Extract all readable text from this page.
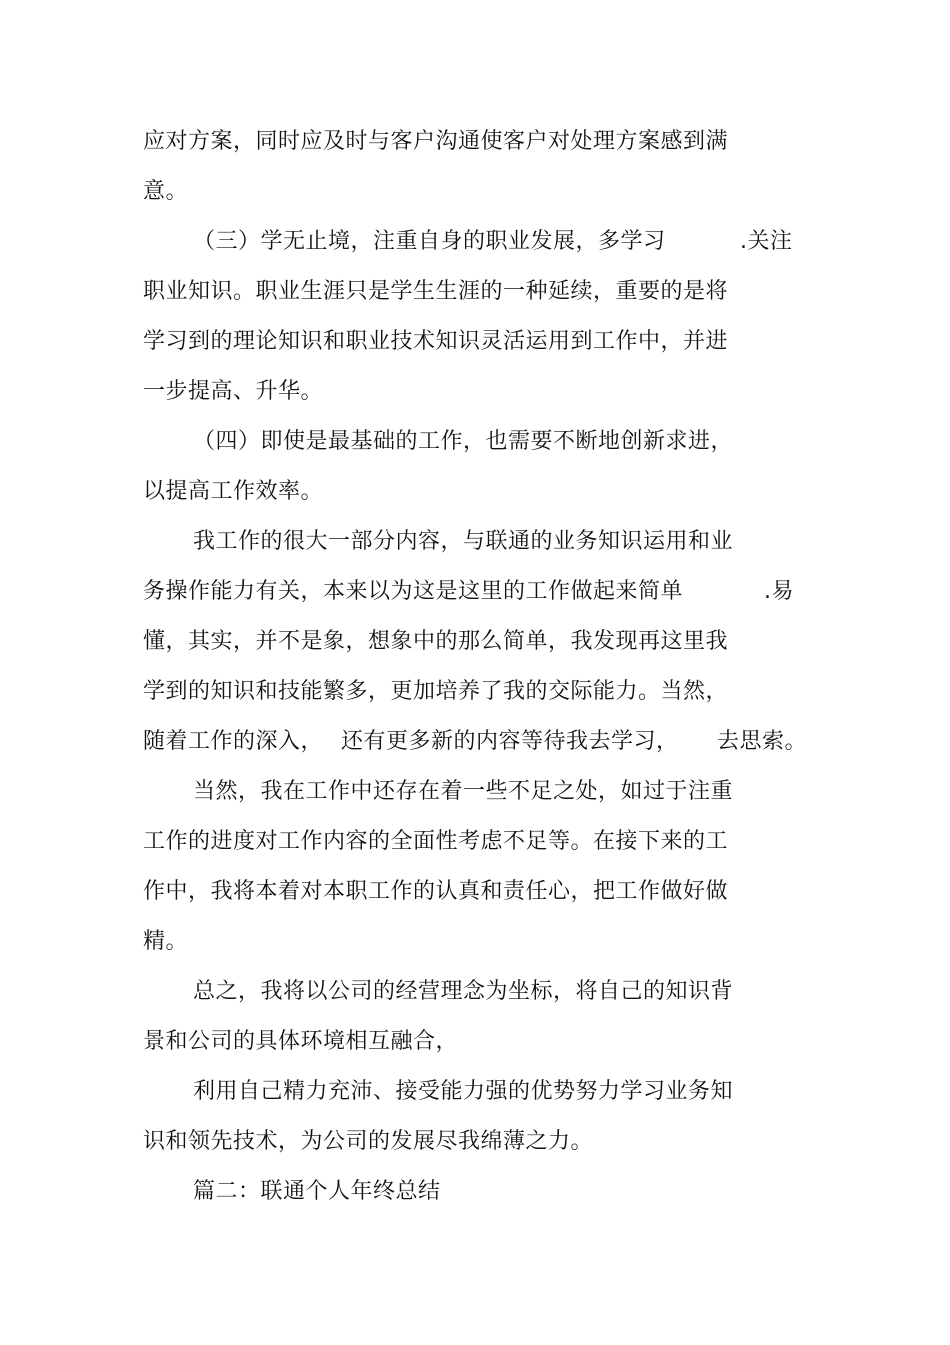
应对方案，同时应及时与客户沟通使客户对处理方案感到满
意。
（三）学无止境，注重自身的职业发展，多学习	.关注
职业知识。职业生涯只是学生生涯的一种延续，重要的是将
学习到的理论知识和职业技术知识灵活运用到工作中，并进
一步提高、升华。
（四）即使是最基础的工作，也需要不断地创新求进，
以提高工作效率。
我工作的很大一部分内容，与联通的业务知识运用和业
务操作能力有关，本来以为这是这里的工作做起来简单	.易
懂，其实，并不是象，想象中的那么简单，我发现再这里我
学到的知识和技能繁多，更加培养了我的交际能力。当然，
随着工作的深入， 还有更多新的内容等待我去学习， 去思索。
当然，我在工作中还存在着一些不足之处，如过于注重
工作的进度对工作内容的全面性考虑不足等。在接下来的工
作中，我将本着对本职工作的认真和责任心，把工作做好做
精。
总之，我将以公司的经营理念为坐标，将自己的知识背
景和公司的具体环境相互融合，
利用自己精力充沛、接受能力强的优势努力学习业务知
识和领先技术，为公司的发展尽我绵薄之力。
篇二：联通个人年终总结
